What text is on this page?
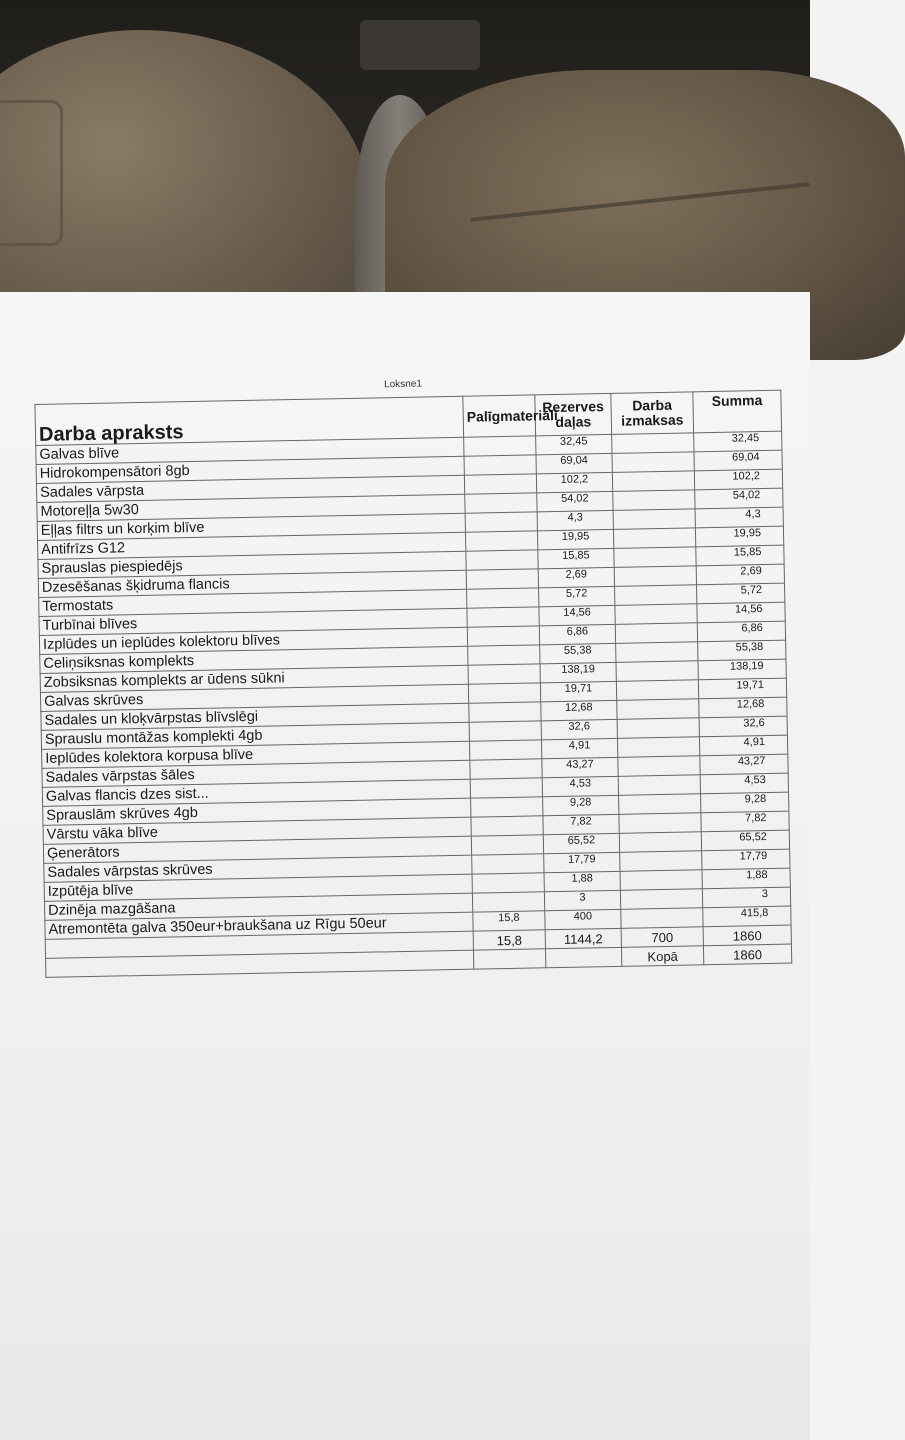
Loksne1
Darba apraksts	Palīgmateriāli	Rezerves daļas	Darba izmaksas	Summa
Galvas blīve		32,45		32,45
Hidrokompensātori 8gb		69,04		69,04
Sadales vārpsta		102,2		102,2
Motoreļļa 5w30		54,02		54,02
Eļļas filtrs un korķim blīve		4,3		4,3
Antifrīzs G12		19,95		19,95
Sprauslas piespiedējs		15,85		15,85
Dzesēšanas šķidruma flancis		2,69		2,69
Termostats		5,72		5,72
Turbīnai blīves		14,56		14,56
Izplūdes un ieplūdes kolektoru blīves		6,86		6,86
Celiņsiksnas komplekts		55,38		55,38
Zobsiksnas komplekts ar ūdens sūkni		138,19		138,19
Galvas skrūves		19,71		19,71
Sadales un kloķvārpstas blīvslēgi		12,68		12,68
Sprauslu montāžas komplekti 4gb		32,6		32,6
Ieplūdes kolektora korpusa blīve		4,91		4,91
Sadales vārpstas šāles		43,27		43,27
Galvas flancis dzes sist...		4,53		4,53
Sprauslām skrūves 4gb		9,28		9,28
Vārstu vāka blīve		7,82		7,82
Ģenerātors		65,52		65,52
Sadales vārpstas skrūves		17,79		17,79
Izpūtēja blīve		1,88		1,88
Dzinēja mazgāšana		3		3
Atremontēta galva 350eur+braukšana uz Rīgu 50eur	15,8	400		415,8
	15,8	1144,2	700	1860
			Kopā	1860
